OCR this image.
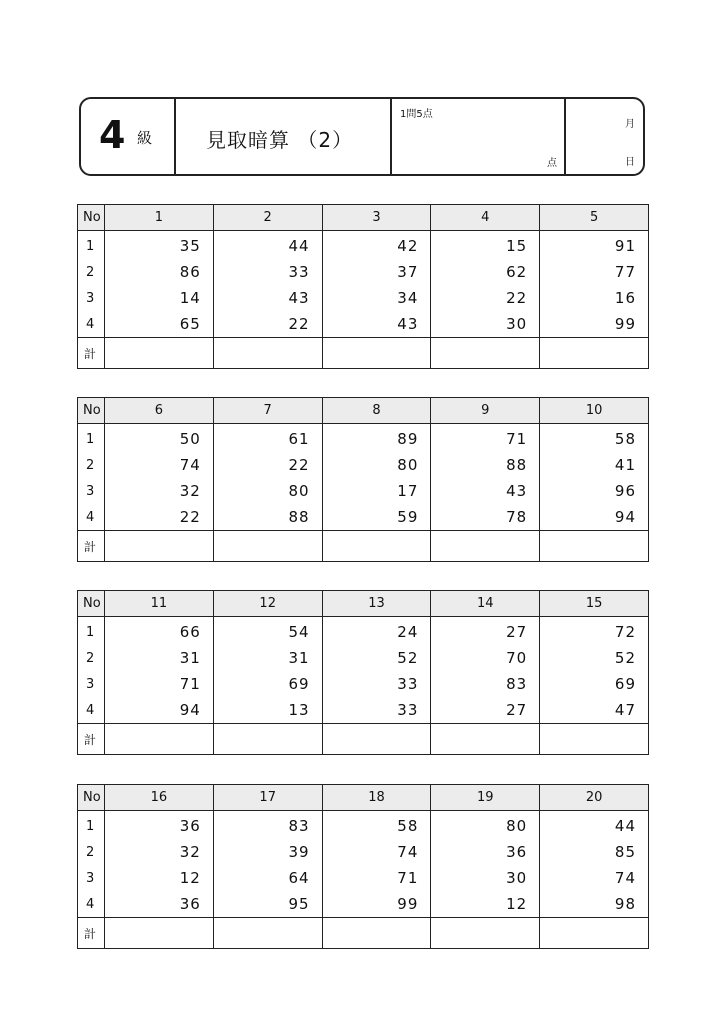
4 級	見取暗算 （2）
1問5点
点
月
日
No	1	2	3	4	5
1	35	44	42	15	91
2	86	33	37	62	77
3	14	43	34	22	16
4	65	22	43	30	99
計					
No	6	7	8	9	10
1	50	61	89	71	58
2	74	22	80	88	41
3	32	80	17	43	96
4	22	88	59	78	94
計					
No	11	12	13	14	15
1	66	54	24	27	72
2	31	31	52	70	52
3	71	69	33	83	69
4	94	13	33	27	47
計					
No	16	17	18	19	20
1	36	83	58	80	44
2	32	39	74	36	85
3	12	64	71	30	74
4	36	95	99	12	98
計					
